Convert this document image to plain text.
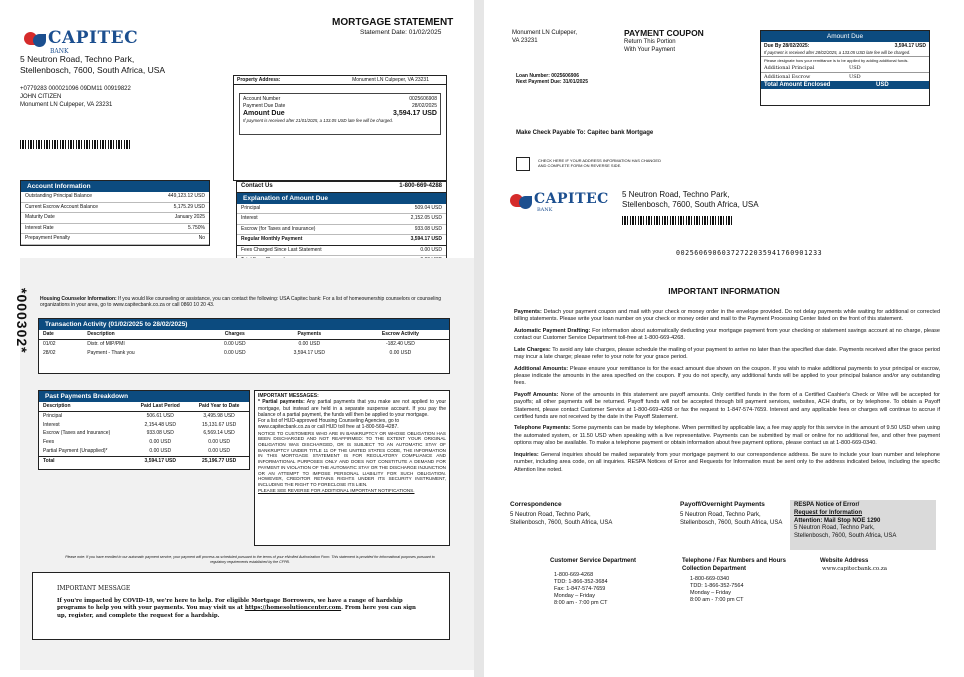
CAPITEC
BANK
5 Neutron Road, Techno Park,
Stellenbosch, 7600, South Africa, USA
+0779283 000021096 09DM11 00919822
JOHN CITIZEN
Monument LN Culpeper, VA 23231
MORTGAGE STATEMENT
Statement Date: 01/02/2025
Property Address:	Monument LN Culpeper, VA 23231
Account Number	0025606908
Payment Due Date	28/02/2025
Amount Due	3,594.17 USD
If payment is received after 21/01/2025, a 133.05 USD late fee will be charged.
Contact Us	1-800-669-4288
Explanation of Amount Due
Principal	509.04 USD
Interest	2,152.05 USD
Escrow (for Taxes and Insurance)	933.08 USD
Regular Monthly Payment	3,594.17 USD
Fees Charged Since Last Statement	0.00 USD
Account Information
Outstanding Principal Balance	449,123.12 USD
Current Escrow Account Balance	5,175.29 USD
Maturity Date	January 2025
Interest Rate	5.750%
Prepayment Penalty	No
*000302* Housing Counselor Information: If you would like counseling or assistance, you can contact the following: USA Capitec bank: For a list of homeownership counselors or counseling organizations in your area, go to www.capitecbank.co.za or call 0860 10 20 43.
Transaction Activity (01/02/2025 to 28/02/2025)
Date	Description	Charges	Payments	Escrow Activity
01/02	Distr. of MIP/PMI	0.00 USD	0.00 USD	-182.40 USD
28/02	Payment - Thank you	0.00 USD	3,594.17 USD	0.00 USD
Past Payments Breakdown
Description	Paid Last Period	Paid Year to Date
Principal	506.61 USD	3,495.98 USD
Interest	2,154.48 USD	15,131.67 USD
Escrow (Taxes and Insurance)	933.08 USD	6,569.14 USD
Fees	0.00 USD	0.00 USD
Partial Payment (Unapplied)*	0.00 USD	0.00 USD
Total	3,594.17 USD	25,196.77 USD
IMPORTANT MESSAGES:
* Partial payments: Any partial payments that you make are not applied to your mortgage, but instead are held in a separate suspense account. If you pay the balance of a partial payment, the funds will then be applied to your mortgage.
For a list of HUD-approved Housing Counseling Agencies, go to www.capitecbank.co.za or call HUD toll free at 1-800-569-4287.
NOTICE TO CUSTOMERS WHO ARE IN BANKRUPTCY OR WHOSE OBLIGATION HAS BEEN DISCHARGED AND NOT REAFFIRMED: TO THE EXTENT YOUR ORIGINAL OBLIGATION WAS DISCHARGED, OR IS SUBJECT TO AN AUTOMATIC STAY OF BANKRUPTCY UNDER TITLE 11 OF THE UNITED STATES CODE, THE INFORMATION IN THIS MORTGAGE STATEMENT IS FOR REGULATORY COMPLIANCE AND INFORMATIONAL PURPOSES ONLY AND DOES NOT CONSTITUTE A DEMAND FOR PAYMENT IN VIOLATION OF THE AUTOMATIC STAY OR THE DISCHARGE INJUNCTION OR AN ATTEMPT TO IMPOSE PERSONAL LIABILITY FOR SUCH OBLIGATION. HOWEVER, CREDITOR RETAINS RIGHTS UNDER ITS SECURITY INSTRUMENT, INCLUDING THE RIGHT TO FORECLOSE ITS LIEN.
PLEASE SEE REVERSE FOR ADDITIONAL IMPORTANT NOTIFICATIONS.
Please note: If you have enrolled in our automatic payment service, your payment will process as scheduled pursuant to the terms of your eNrolled Authorization Form. This statement is provided for informational purposes pursuant to regulatory requirements established by the CFPB.
IMPORTANT MESSAGE
If you're impacted by COVID-19, we're here to help. For eligible Mortgage Borrowers, we have a range of hardship programs to help you with your payments. You may visit us at https://homesolutioncenter.com. From here you can sign up, register, and complete the request for a hardship.
Monument LN Culpeper,
VA 23231
PAYMENT COUPON
Return This Portion
With Your Payment
Loan Number: 0025606906
Next Payment Due: 31/01/2025
Amount Due
Due By 28/02/2025:	3,594.17 USD
If payment is received after 28/02/2025, a 133.05 USD late fee will be charged.
Please designate how your remittance is to be applied by adding additional funds.
Additional Principal	USD
Additional Escrow	USD
Total Amount Enclosed	USD
Make Check Payable To: Capitec bank Mortgage
CHECK HERE IF YOUR ADDRESS INFORMATION HAS CHANGED AND COMPLETE FORM ON REVERSE SIDE.
CAPITEC
BANK
5 Neutron Road, Techno Park,
Stellenbosch, 7600, South Africa, USA
00256069060372722035941760901233
IMPORTANT INFORMATION
Payments: Detach your payment coupon and mail with your check or money order in the envelope provided. Do not delay payments while waiting for additional or corrected billing statements. Please write your loan number on your check or money order and mail to the Payment Processing Center listed on the front of this statement.
Automatic Payment Drafting: For information about automatically deducting your mortgage payment from your checking or statement savings account at no charge, please contact our Customer Service Department toll-free at 1-800-669-4268.
Late Charges: To avoid any late charges, please schedule the mailing of your payment to arrive no later than the specified due date. Payments received after the grace period may incur a late charge; please refer to your note for your grace period.
Additional Amounts: Please ensure your remittance is for the exact amount due shown on the coupon. If you wish to make additional payments to your principal or escrow, please indicate the amounts in the area specified on the coupon. If you do not specify, any additional funds will be applied to your principal balance and/or any outstanding fees.
Payoff Amounts: None of the amounts in this statement are payoff amounts. Only certified funds in the form of a Certified Cashier's Check or Wire will be accepted for payoffs; all other payments will be returned. Payoff funds will not be accepted through bill payment services, websites, ACH drafts, or by telephone. To obtain a Payoff Statement, please contact Customer Service at 1-800-669-4268 or fax the request to 1-847-574-7659. Interest and any applicable fees or charges will continue to accrue if certified funds are not received by the date in the Payoff Statement.
Telephone Payments: Some payments can be made by telephone. When permitted by applicable law, a fee may apply for this service in the amount of 9.50 USD when using the automated system, or 11.50 USD when speaking with a live representative. Payments can be submitted by mail or online for no additional fee, and other free payment options may also be available. To make a telephone payment or obtain information about free payment options, please contact us at 1-800-669-0340.
Inquiries: General inquiries should be mailed separately from your mortgage payment to our correspondence address. Be sure to include your loan number and telephone number, including area code, on all inquiries. RESPA Notices of Error and Requests for Information must be sent only to the address indicated below, including the specific Attention line noted.
Correspondence
5 Neutron Road, Techno Park,
Stellenbosch, 7600, South Africa, USA
Payoff/Overnight Payments
5 Neutron Road, Techno Park,
Stellenbosch, 7600, South Africa, USA
RESPA Notice of Error/
Request for Information
Attention: Mail Stop NOE 1290
5 Neutron Road, Techno Park,
Stellenbosch, 7600, South Africa, USA
Customer Service Department
1-800-669-4268
TDD: 1-866-352-3684
Fax: 1-847-574-7659
Monday – Friday
8:00 am - 7:00 pm CT
Telephone / Fax Numbers and Hours
Collection Department
1-800-669-0340
TDD: 1-866-352-7564
Monday – Friday
8:00 am - 7:00 pm CT
Website Address
www.capitecbank.co.za
